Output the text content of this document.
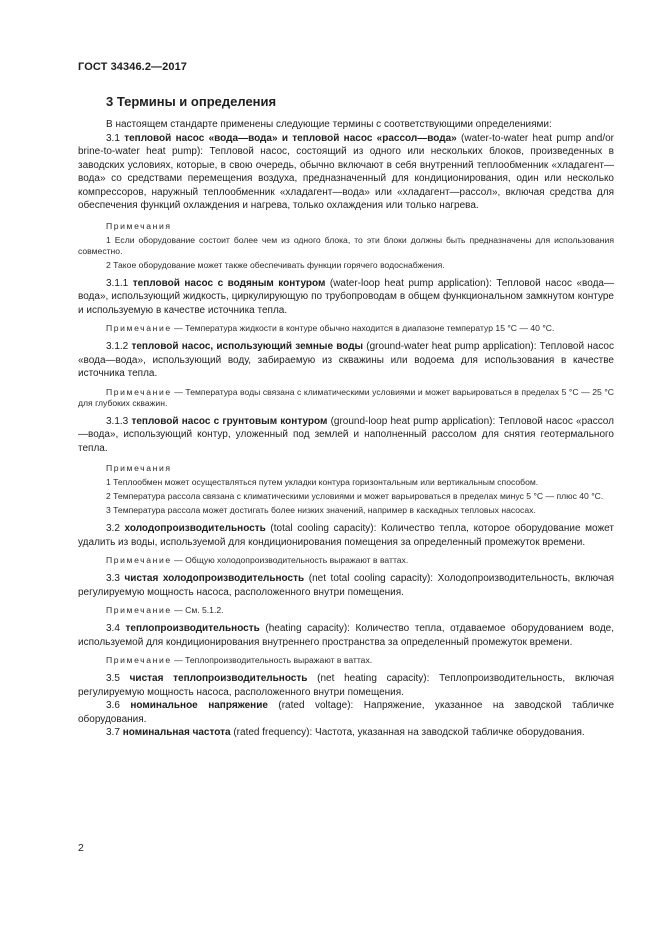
ГОСТ 34346.2—2017
3 Термины и определения

В настоящем стандарте применены следующие термины с соответствующими определениями:

3.1 тепловой насос «вода—вода» и тепловой насос «рассол—вода» (water-to-water heat pump and/or brine-to-water heat pump): Тепловой насос, состоящий из одного или нескольких блоков, произведенных в заводских условиях, которые, в свою очередь, обычно включают в себя внутренний теплообменник «хладагент—вода» со средствами перемещения воздуха, предназначенный для кондиционирования, один или несколько компрессоров, наружный теплообменник «хладагент—вода» или «хладагент—рассол», включая средства для обеспечения функций охлаждения и нагрева, только охлаждения или только нагрева.

Примечания

1 Если оборудование состоит более чем из одного блока, то эти блоки должны быть предназначены для использования совместно.

2 Такое оборудование может также обеспечивать функции горячего водоснабжения.

3.1.1 тепловой насос с водяным контуром (water-loop heat pump application): Тепловой насос «вода—вода», использующий жидкость, циркулирующую по трубопроводам в общем функциональном замкнутом контуре и используемую в качестве источника тепла.

Примечание — Температура жидкости в контуре обычно находится в диапазоне температур 15 °С — 40 °С.

3.1.2 тепловой насос, использующий земные воды (ground-water heat pump application): Тепловой насос «вода—вода», использующий воду, забираемую из скважины или водоема для использования в качестве источника тепла.

Примечание — Температура воды связана с климатическими условиями и может варьироваться в пределах 5 °С — 25 °С для глубоких скважин.

3.1.3 тепловой насос с грунтовым контуром (ground-loop heat pump application): Тепловой насос «рассол—вода», использующий контур, уложенный под землей и наполненный рассолом для снятия геотермального тепла.

Примечания

1 Теплообмен может осуществляться путем укладки контура горизонтальным или вертикальным способом.

2 Температура рассола связана с климатическими условиями и может варьироваться в пределах минус 5 °С — плюс 40 °С.

3 Температура рассола может достигать более низких значений, например в каскадных тепловых насосах.

3.2 холодопроизводительность (total cooling capacity): Количество тепла, которое оборудование может удалить из воды, используемой для кондиционирования помещения за определенный промежуток времени.

Примечание — Общую холодопроизводительность выражают в ваттах.

3.3 чистая холодопроизводительность (net total cooling capacity): Холодопроизводительность, включая регулируемую мощность насоса, расположенного внутри помещения.

Примечание — См. 5.1.2.

3.4 теплопроизводительность (heating capacity): Количество тепла, отдаваемое оборудованием воде, используемой для кондиционирования внутреннего пространства за определенный промежуток времени.

Примечание — Теплопроизводительность выражают в ваттах.

3.5 чистая теплопроизводительность (net heating capacity): Теплопроизводительность, включая регулируемую мощность насоса, расположенного внутри помещения.

3.6 номинальное напряжение (rated voltage): Напряжение, указанное на заводской табличке оборудования.

3.7 номинальная частота (rated frequency): Частота, указанная на заводской табличке оборудования.

2
